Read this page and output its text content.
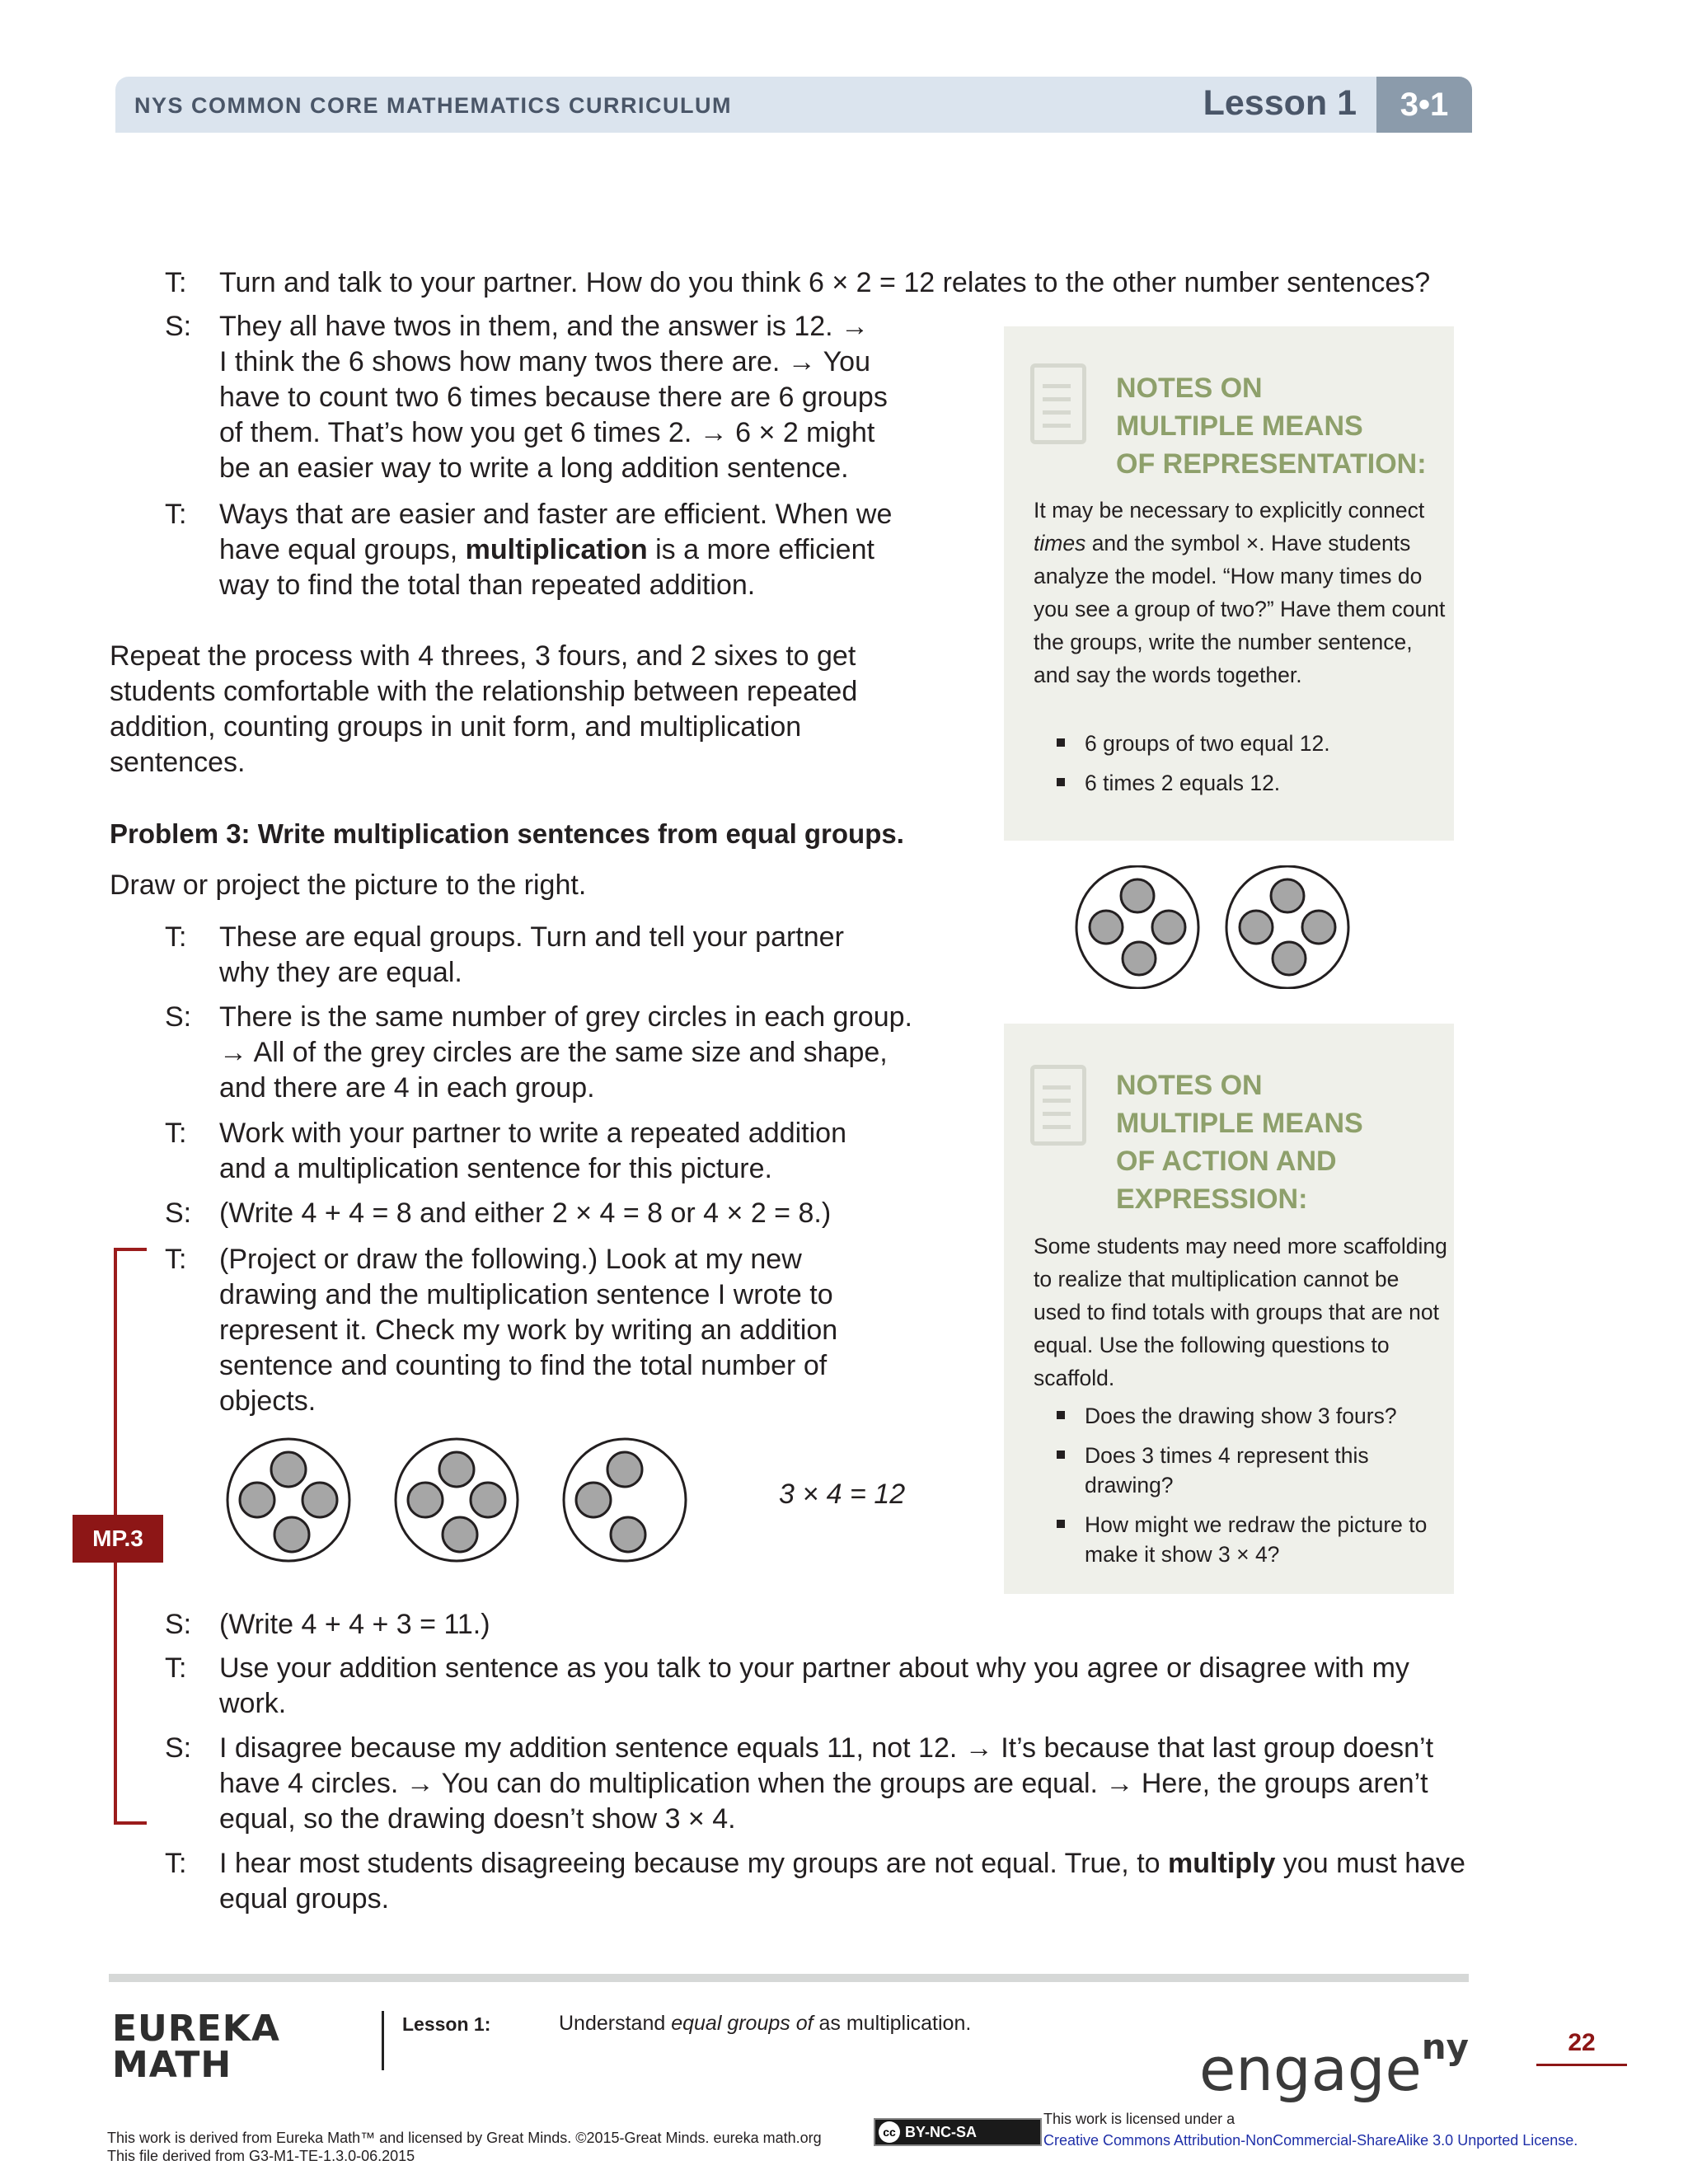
NYS COMMON CORE MATHEMATICS CURRICULUM	Lesson 1	3•1
T:	Turn and talk to your partner. How do you think 6 × 2 = 12 relates to the other number sentences?
S: They all have twos in them, and the answer is 12. →
I think the 6 shows how many twos there are. → You
have to count two 6 times because there are 6 groups
of them. That’s how you get 6 times 2. → 6 × 2 might
be an easier way to write a long addition sentence.
T:	Ways that are easier and faster are efficient. When we
have equal groups, multiplication is a more efficient
way to find the total than repeated addition.
Repeat the process with 4 threes, 3 fours, and 2 sixes to get
students comfortable with the relationship between repeated
addition, counting groups in unit form, and multiplication
sentences.
Problem 3: Write multiplication sentences from equal groups.
Draw or project the picture to the right.
T:	These are equal groups. Turn and tell your partner
why they are equal.
S: There is the same number of grey circles in each group.
→ All of the grey circles are the same size and shape,
and there are 4 in each group.
T:	Work with your partner to write a repeated addition
and a multiplication sentence for this picture.
S: (Write 4 + 4 = 8 and either 2 × 4 = 8 or 4 × 2 = 8.)
T:	(Project or draw the following.) Look at my new
drawing and the multiplication sentence I wrote to
represent it. Check my work by writing an addition
sentence and counting to find the total number of
objects.
3 × 4 = 12
MP.3
S: (Write 4 + 4 + 3 = 11.)
T:	Use your addition sentence as you talk to your partner about why you agree or disagree with my
work.
S: I disagree because my addition sentence equals 11, not 12. → It’s because that last group doesn’t
have 4 circles. → You can do multiplication when the groups are equal. → Here, the groups aren’t
equal, so the drawing doesn’t show 3 × 4.
T:	I hear most students disagreeing because my groups are not equal. True, to multiply you must have
equal groups.
NOTES ON
MULTIPLE MEANS
OF REPRESENTATION:
It may be necessary to explicitly connect times and the symbol ×. Have students analyze the model. “How many times do you see a group of two?” Have them count the groups, write the number sentence, and say the words together.
6 groups of two equal 12.
6 times 2 equals 12.
NOTES ON
MULTIPLE MEANS
OF ACTION AND
EXPRESSION:
Some students may need more scaffolding to realize that multiplication cannot be used to find totals with groups that are not equal. Use the following questions to scaffold.
Does the drawing show 3 fours?
Does 3 times 4 represent this drawing?
How might we redraw the picture to make it show 3 × 4?
EUREKA
MATH
Lesson 1:	Understand equal groups of as multiplication.
engage$^{ny}$	22
This work is derived from Eureka Math™ and licensed by Great Minds. ©2015-Great Minds. eureka math.org
This file derived from G3-M1-TE-1.3.0-06.2015
cc BY-NC-SA
This work is licensed under a
Creative Commons Attribution-NonCommercial-ShareAlike 3.0 Unported License.
